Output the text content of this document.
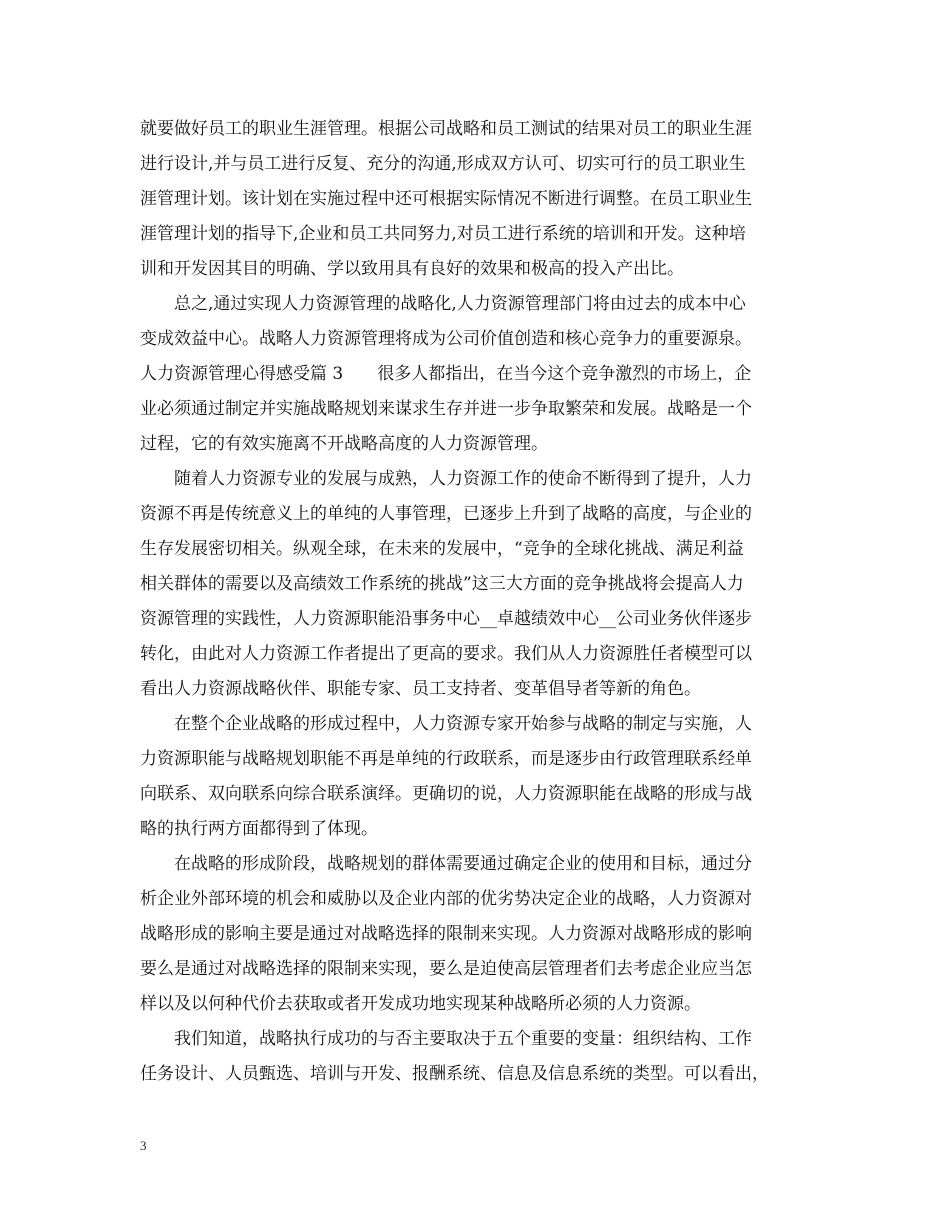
就要做好员工的职业生涯管理。根据公司战略和员工测试的结果对员工的职业生涯
进行设计,并与员工进行反复、充分的沟通,形成双方认可、切实可行的员工职业生
涯管理计划。该计划在实施过程中还可根据实际情况不断进行调整。在员工职业生
涯管理计划的指导下,企业和员工共同努力,对员工进行系统的培训和开发。这种培
训和开发因其目的明确、学以致用具有良好的效果和极高的投入产出比。
总之,通过实现人力资源管理的战略化,人力资源管理部门将由过去的成本中心
变成效益中心。战略人力资源管理将成为公司价值创造和核心竞争力的重要源泉。
人力资源管理心得感受篇 3　　很多人都指出，在当今这个竞争激烈的市场上，企
业必须通过制定并实施战略规划来谋求生存并进一步争取繁荣和发展。战略是一个
过程，它的有效实施离不开战略高度的人力资源管理。
随着人力资源专业的发展与成熟，人力资源工作的使命不断得到了提升，人力
资源不再是传统意义上的单纯的人事管理，已逐步上升到了战略的高度，与企业的
生存发展密切相关。纵观全球，在未来的发展中，“竞争的全球化挑战、满足利益
相关群体的需要以及高绩效工作系统的挑战”这三大方面的竞争挑战将会提高人力
资源管理的实践性，人力资源职能沿事务中心__卓越绩效中心__公司业务伙伴逐步
转化，由此对人力资源工作者提出了更高的要求。我们从人力资源胜任者模型可以
看出人力资源战略伙伴、职能专家、员工支持者、变革倡导者等新的角色。
在整个企业战略的形成过程中，人力资源专家开始参与战略的制定与实施，人
力资源职能与战略规划职能不再是单纯的行政联系，而是逐步由行政管理联系经单
向联系、双向联系向综合联系演绎。更确切的说，人力资源职能在战略的形成与战
略的执行两方面都得到了体现。
在战略的形成阶段，战略规划的群体需要通过确定企业的使用和目标，通过分
析企业外部环境的机会和威胁以及企业内部的优劣势决定企业的战略，人力资源对
战略形成的影响主要是通过对战略选择的限制来实现。人力资源对战略形成的影响
要么是通过对战略选择的限制来实现，要么是迫使高层管理者们去考虑企业应当怎
样以及以何种代价去获取或者开发成功地实现某种战略所必须的人力资源。
我们知道，战略执行成功的与否主要取决于五个重要的变量：组织结构、工作
任务设计、人员甄选、培训与开发、报酬系统、信息及信息系统的类型。可以看出，
3
